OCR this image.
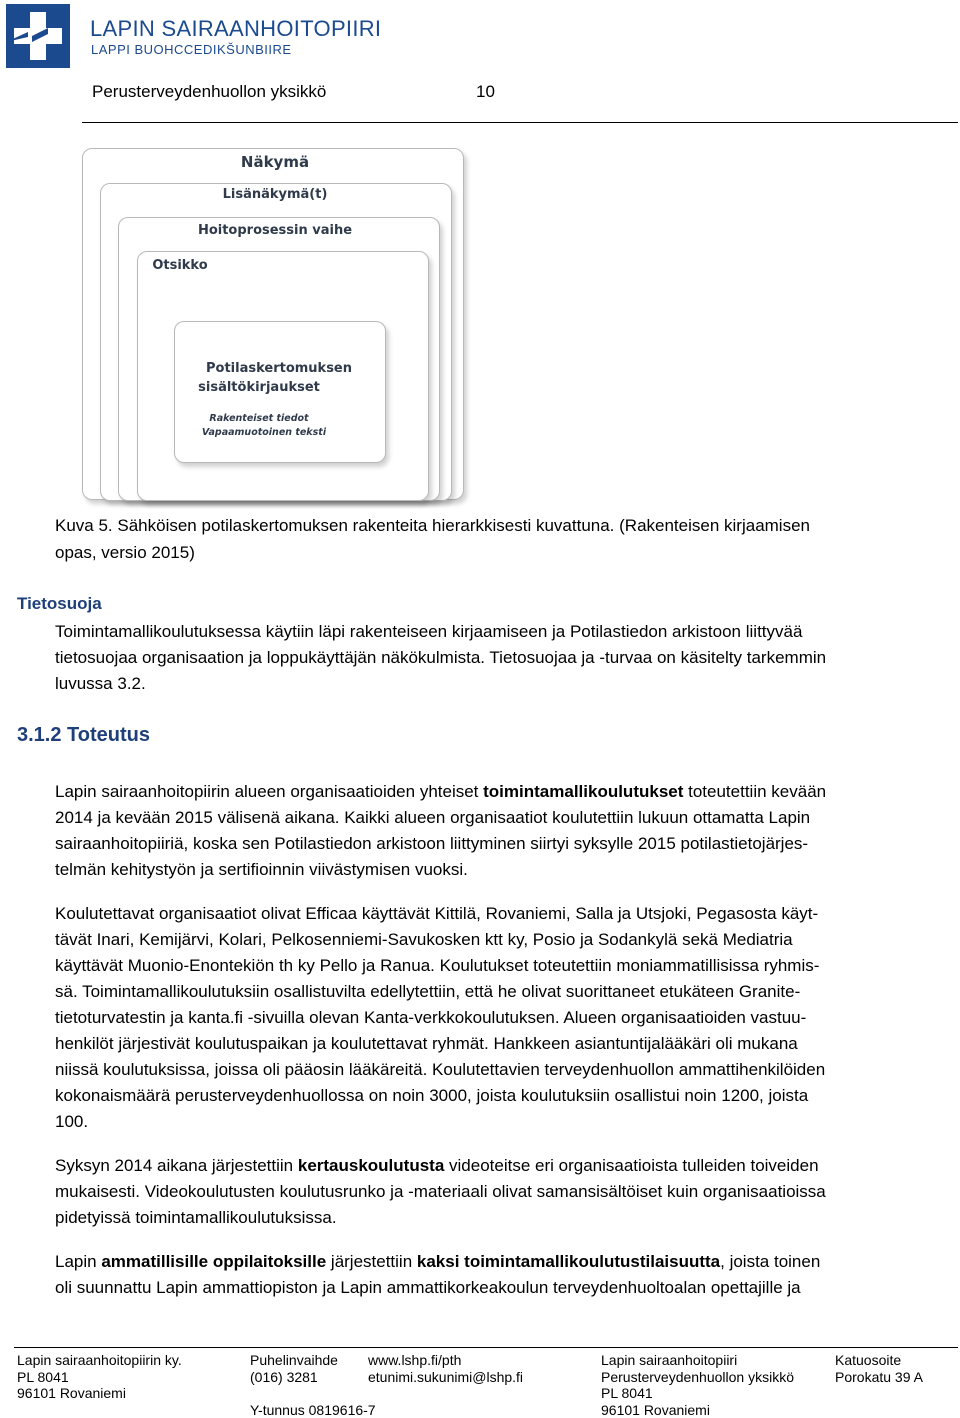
LAPIN SAIRAANHOITOPIIRI
LAPPI BUOHCCEDIKŠUNBIIRE
Perusterveydenhuollon yksikkö	10
Näkymä
Lisänäkymä(t)
Hoitoprosessin vaihe
Otsikko
Potilaskertomuksen
sisältökirjaukset
Rakenteiset tiedot
Vapaamuotoinen teksti
Kuva 5. Sähköisen potilaskertomuksen rakenteita hierarkkisesti kuvattuna. (Rakenteisen kirjaamisen
opas, versio 2015)
Tietosuoja
Toimintamallikoulutuksessa käytiin läpi rakenteiseen kirjaamiseen ja Potilastiedon arkistoon liittyvää
tietosuojaa organisaation ja loppukäyttäjän näkökulmista. Tietosuojaa ja -turvaa on käsitelty tarkemmin
luvussa 3.2.
3.1.2 Toteutus
Lapin sairaanhoitopiirin alueen organisaatioiden yhteiset toimintamallikoulutukset toteutettiin kevään
2014 ja kevään 2015 välisenä aikana. Kaikki alueen organisaatiot koulutettiin lukuun ottamatta Lapin
sairaanhoitopiiriä, koska sen Potilastiedon arkistoon liittyminen siirtyi syksylle 2015 potilastietojärjes-
telmän kehitystyön ja sertifioinnin viivästymisen vuoksi.
Koulutettavat organisaatiot olivat Efficaa käyttävät Kittilä, Rovaniemi, Salla ja Utsjoki, Pegasosta käyt-
tävät Inari, Kemijärvi, Kolari, Pelkosenniemi-Savukosken ktt ky, Posio ja Sodankylä sekä Mediatria
käyttävät Muonio-Enontekiön th ky Pello ja Ranua. Koulutukset toteutettiin moniammatillisissa ryhmis-
sä. Toimintamallikoulutuksiin osallistuvilta edellytettiin, että he olivat suorittaneet etukäteen Granite-
tietoturvatestin ja kanta.fi -sivuilla olevan Kanta-verkkokoulutuksen. Alueen organisaatioiden vastuu-
henkilöt järjestivät koulutuspaikan ja koulutettavat ryhmät. Hankkeen asiantuntijalääkäri oli mukana
niissä koulutuksissa, joissa oli pääosin lääkäreitä. Koulutettavien terveydenhuollon ammattihenkilöiden
kokonaismäärä perusterveydenhuollossa on noin 3000, joista koulutuksiin osallistui noin 1200, joista
100.
Syksyn 2014 aikana järjestettiin kertauskoulutusta videoteitse eri organisaatioista tulleiden toiveiden
mukaisesti. Videokoulutusten koulutusrunko ja -materiaali olivat samansisältöiset kuin organisaatioissa
pidetyissä toimintamallikoulutuksissa.
Lapin ammatillisille oppilaitoksille järjestettiin kaksi toimintamallikoulutustilaisuutta, joista toinen
oli suunnattu Lapin ammattiopiston ja Lapin ammattikorkeakoulun terveydenhuoltoalan opettajille ja
Lapin sairaanhoitopiirin ky.
PL 8041
96101 Rovaniemi
Puhelinvaihde
(016) 3281

Y-tunnus 0819616-7
www.lshp.fi/pth
etunimi.sukunimi@lshp.fi
Lapin sairaanhoitopiiri
Perusterveydenhuollon yksikkö
PL 8041
96101 Rovaniemi
Katuosoite
Porokatu 39 A
